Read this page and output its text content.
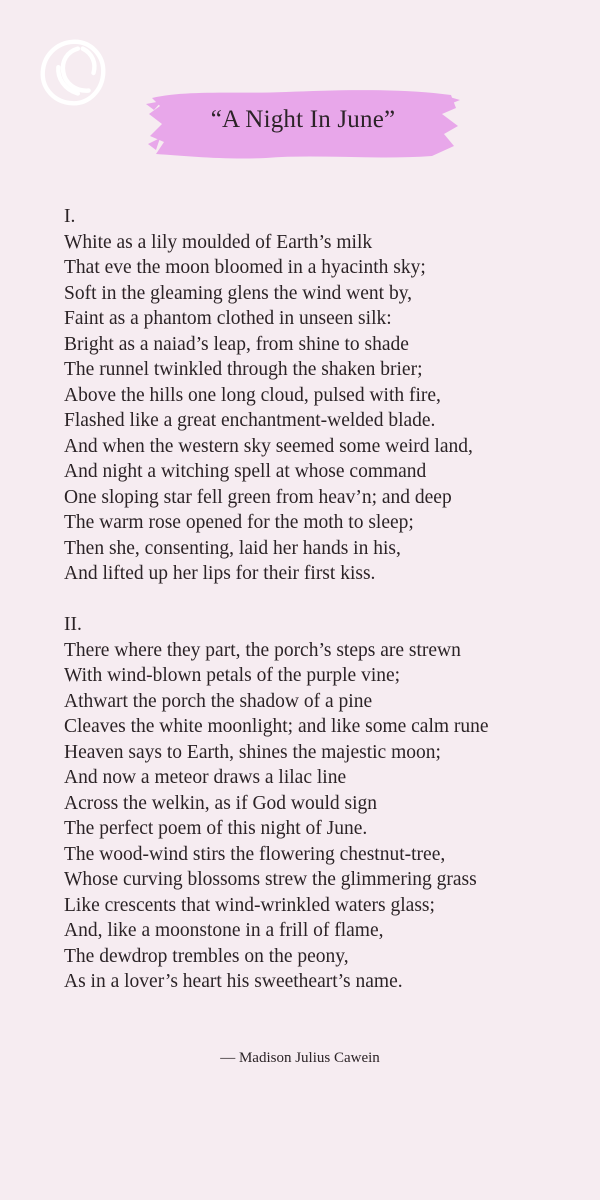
“A Night In June”
I.
White as a lily moulded of Earth’s milk
That eve the moon bloomed in a hyacinth sky;
Soft in the gleaming glens the wind went by,
Faint as a phantom clothed in unseen silk:
Bright as a naiad’s leap, from shine to shade
The runnel twinkled through the shaken brier;
Above the hills one long cloud, pulsed with fire,
Flashed like a great enchantment-welded blade.
And when the western sky seemed some weird land,
And night a witching spell at whose command
One sloping star fell green from heav’n; and deep
The warm rose opened for the moth to sleep;
Then she, consenting, laid her hands in his,
And lifted up her lips for their first kiss.
II.
There where they part, the porch’s steps are strewn
With wind-blown petals of the purple vine;
Athwart the porch the shadow of a pine
Cleaves the white moonlight; and like some calm rune
Heaven says to Earth, shines the majestic moon;
And now a meteor draws a lilac line
Across the welkin, as if God would sign
The perfect poem of this night of June.
The wood-wind stirs the flowering chestnut-tree,
Whose curving blossoms strew the glimmering grass
Like crescents that wind-wrinkled waters glass;
And, like a moonstone in a frill of flame,
The dewdrop trembles on the peony,
As in a lover’s heart his sweetheart’s name.
— Madison Julius Cawein
